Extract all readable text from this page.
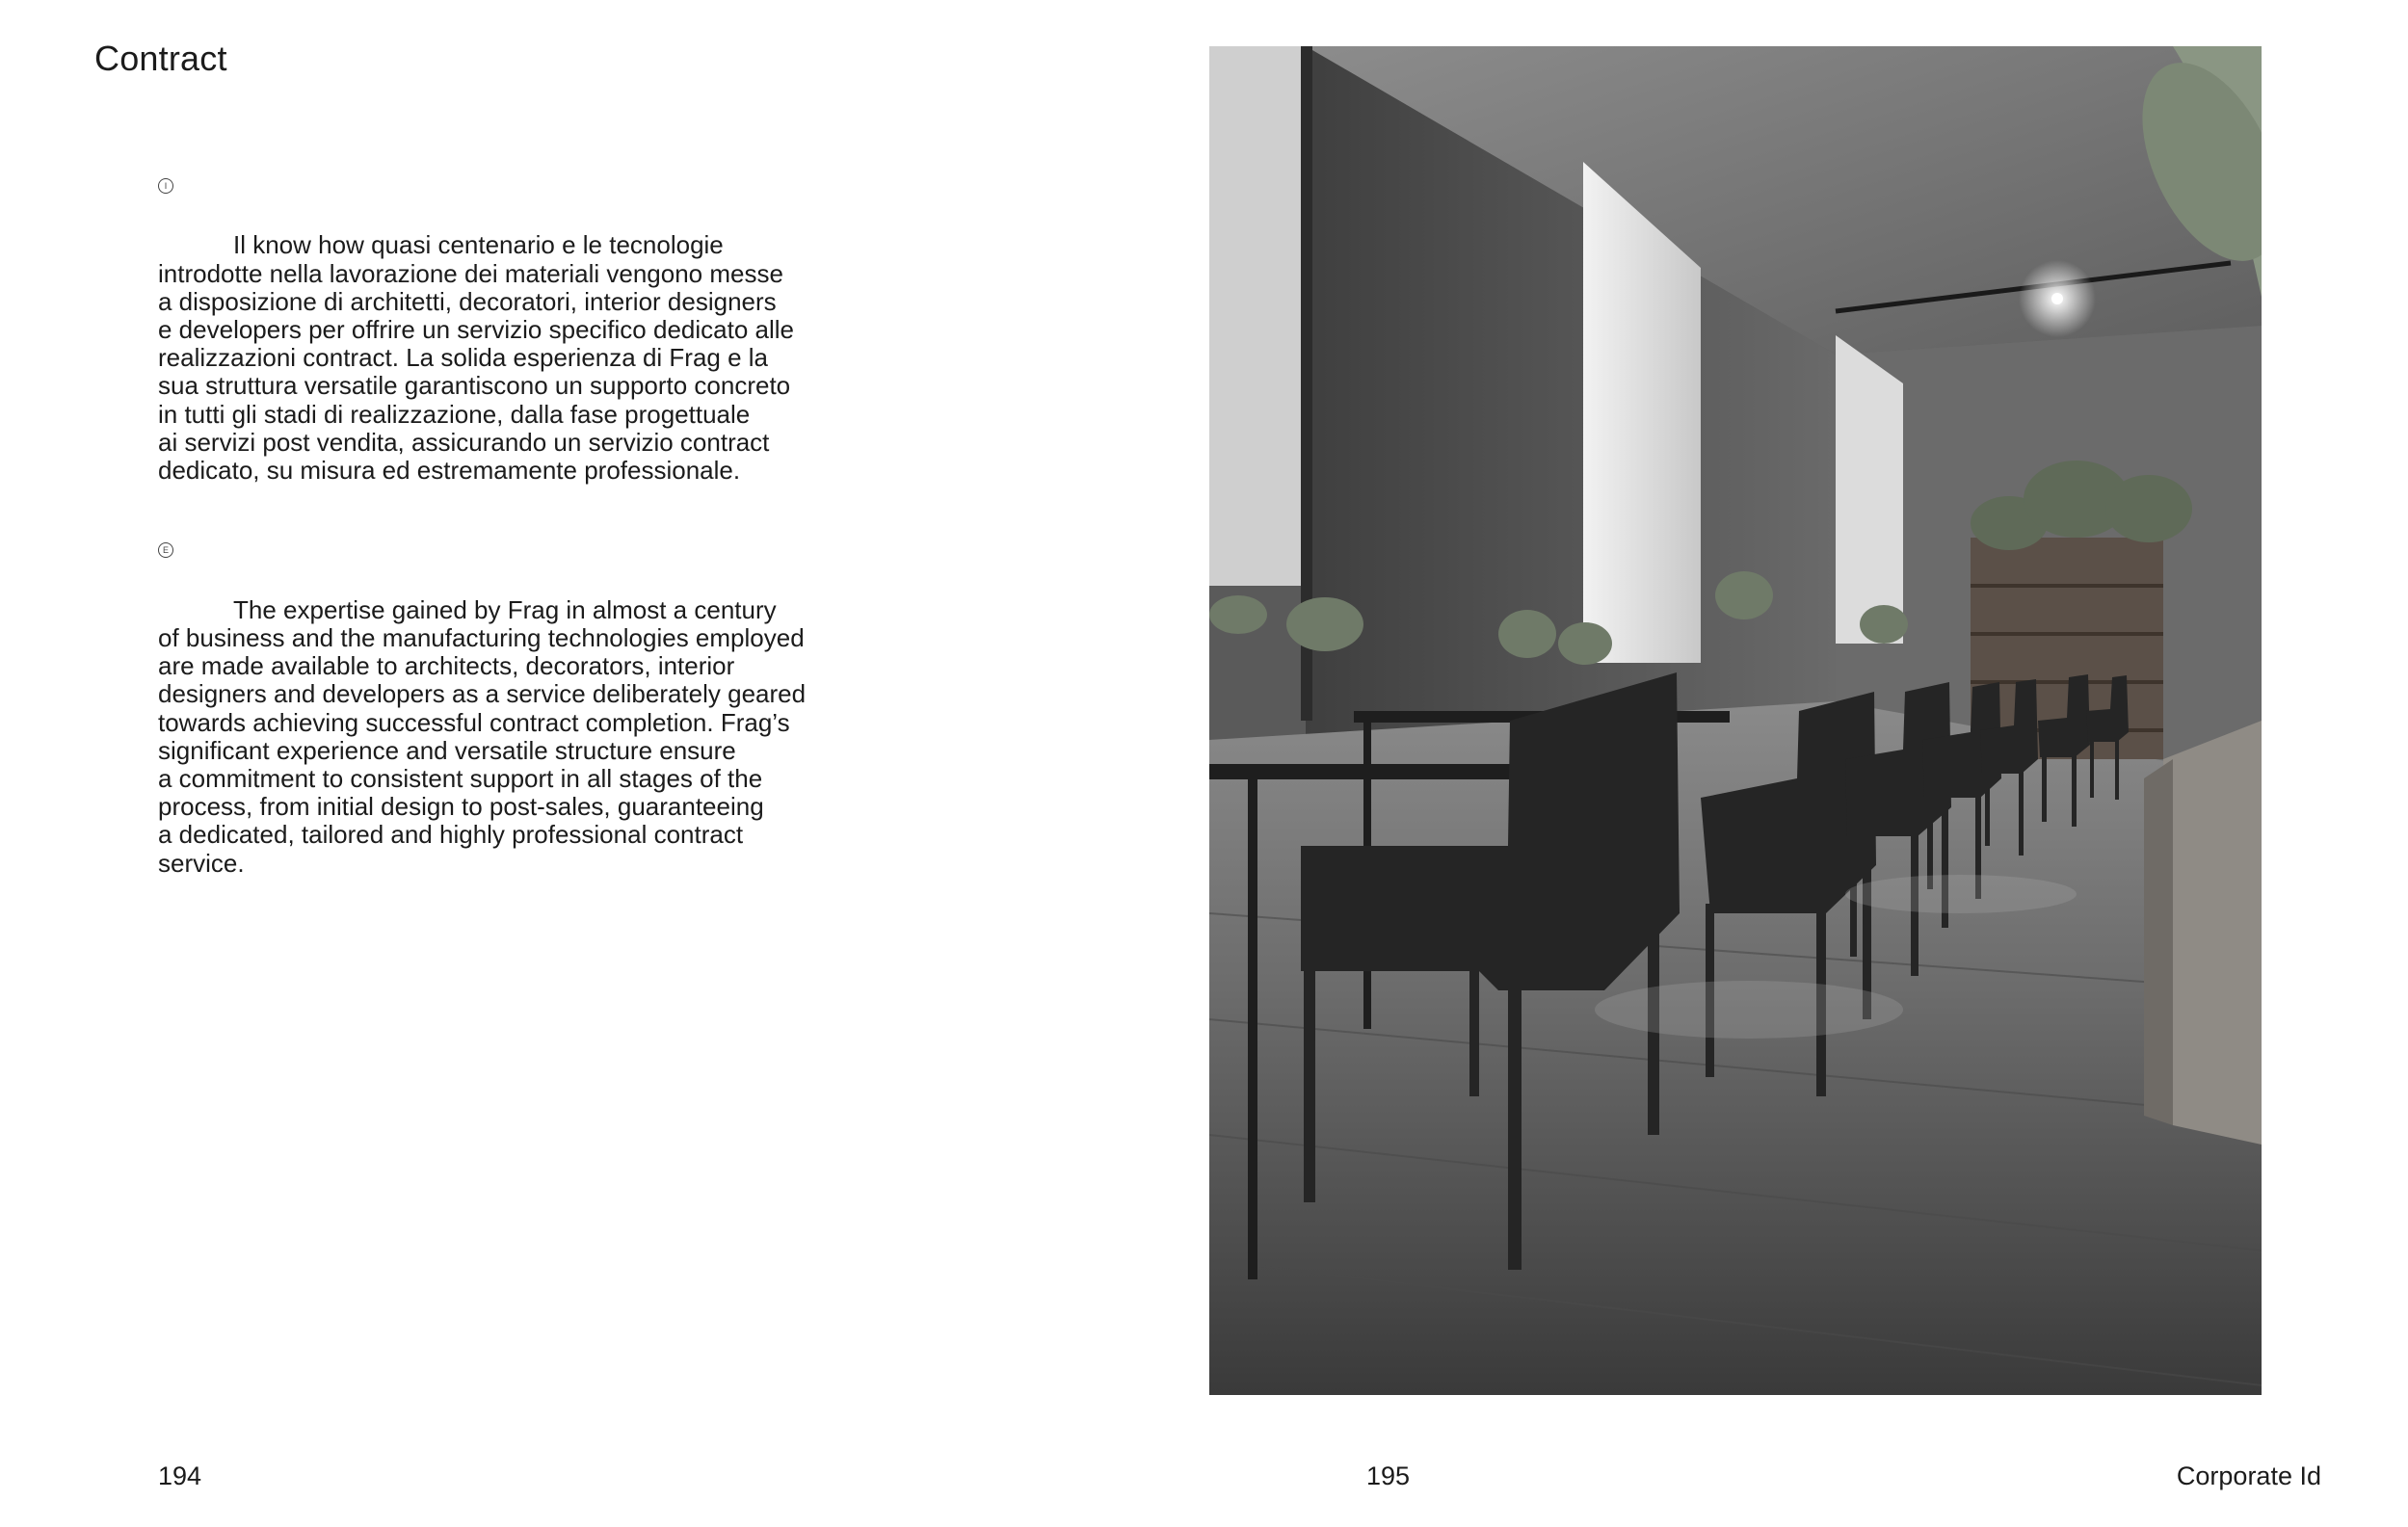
Contract

I

Il know how quasi centenario e le tecnologie
introdotte nella lavorazione dei materiali vengono messe
a disposizione di architetti, decoratori, interior designers
e developers per offrire un servizio specifico dedicato alle
realizzazioni contract. La solida esperienza di Frag e la
sua struttura versatile garantiscono un supporto concreto
in tutti gli stadi di realizzazione, dalla fase progettuale
ai servizi post vendita, assicurando un servizio contract
dedicato, su misura ed estremamente professionale.

E

The expertise gained by Frag in almost a century
of business and the manufacturing technologies employed
are made available to architects, decorators, interior
designers and developers as a service deliberately geared
towards achieving successful contract completion. Frag’s
significant experience and versatile structure ensure
a commitment to consistent support in all stages of the
process, from initial design to post-sales, guaranteeing
a dedicated, tailored and highly professional contract
service.

194	195	Corporate Id
